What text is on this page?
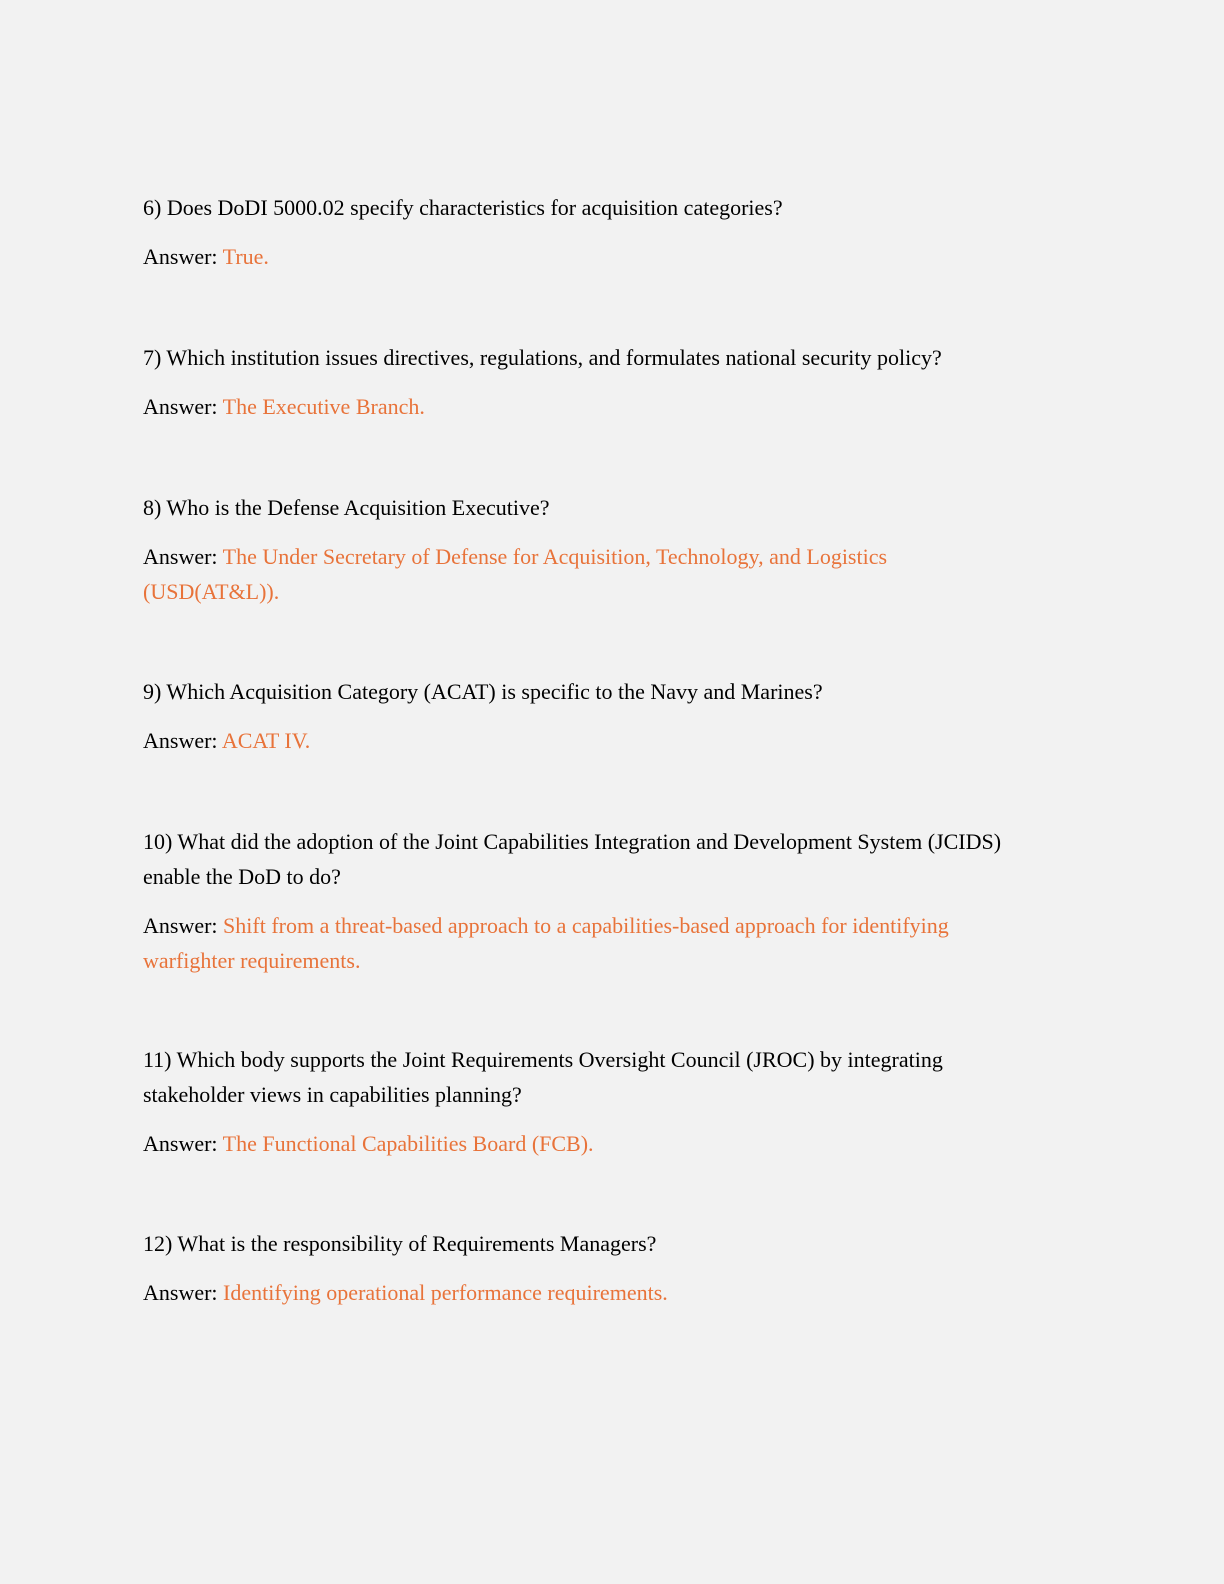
6) Does DoDI 5000.02 specify characteristics for acquisition categories?

Answer: True.

7) Which institution issues directives, regulations, and formulates national security policy?

Answer: The Executive Branch.

8) Who is the Defense Acquisition Executive?

Answer: The Under Secretary of Defense for Acquisition, Technology, and Logistics (USD(AT&L)).

9) Which Acquisition Category (ACAT) is specific to the Navy and Marines?

Answer: ACAT IV.

10) What did the adoption of the Joint Capabilities Integration and Development System (JCIDS) enable the DoD to do?

Answer: Shift from a threat-based approach to a capabilities-based approach for identifying warfighter requirements.

11) Which body supports the Joint Requirements Oversight Council (JROC) by integrating stakeholder views in capabilities planning?

Answer: The Functional Capabilities Board (FCB).

12) What is the responsibility of Requirements Managers?

Answer: Identifying operational performance requirements.
